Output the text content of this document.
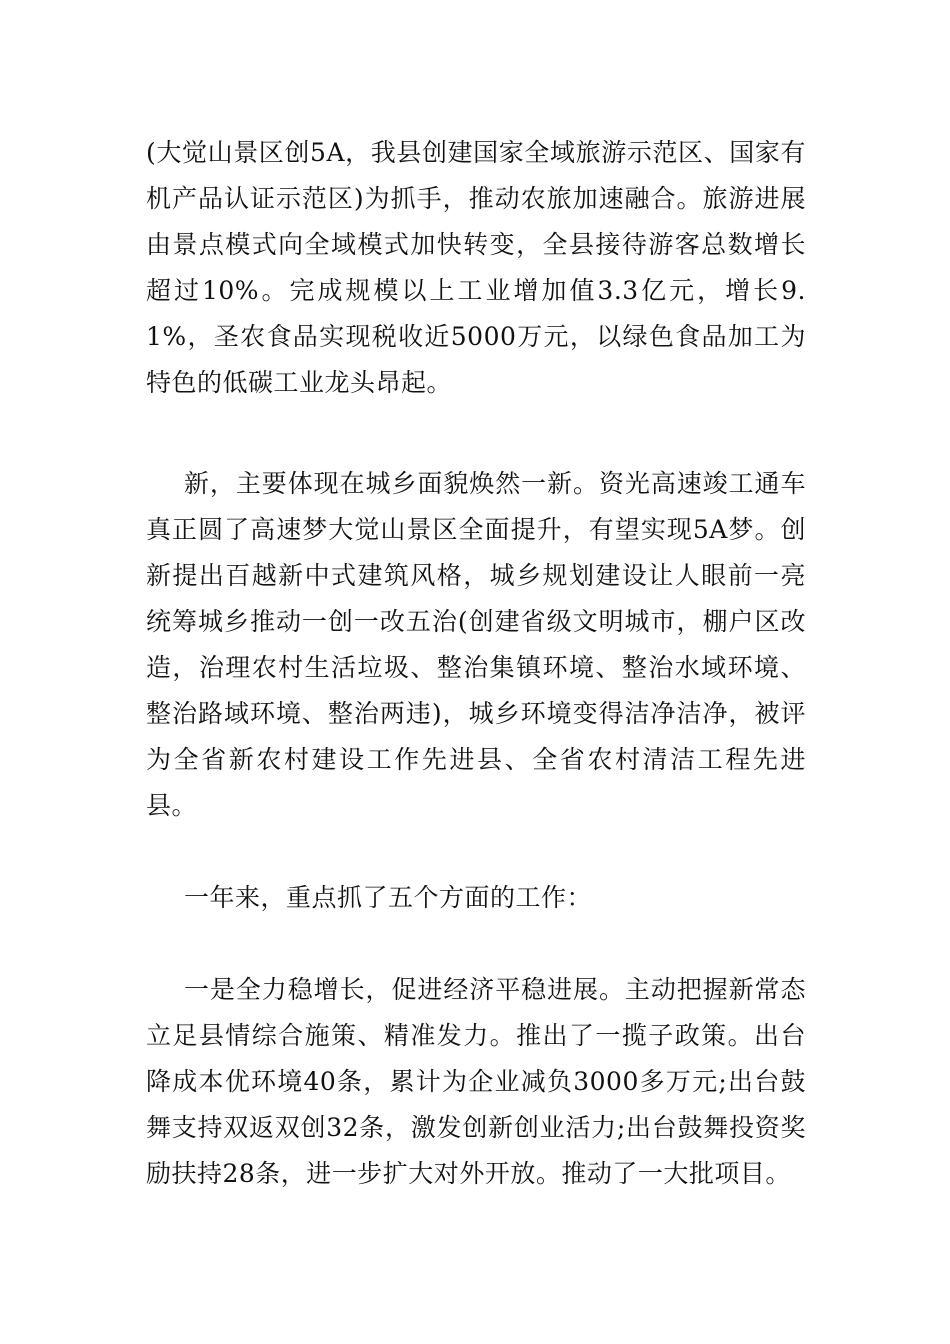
(大觉山景区创5A，我县创建国家全域旅游示范区、国家有机产品认证示范区)为抓手，推动农旅加速融合。旅游进展由景点模式向全域模式加快转变，全县接待游客总数增长超过10%。完成规模以上工业增加值3.3亿元，增长9.1%，圣农食品实现税收近5000万元，以绿色食品加工为特色的低碳工业龙头昂起。

新，主要体现在城乡面貌焕然一新。资光高速竣工通车真正圆了高速梦大觉山景区全面提升，有望实现5A梦。创新提出百越新中式建筑风格，城乡规划建设让人眼前一亮统筹城乡推动一创一改五治(创建省级文明城市，棚户区改造，治理农村生活垃圾、整治集镇环境、整治水域环境、整治路域环境、整治两违)，城乡环境变得洁净洁净，被评为全省新农村建设工作先进县、全省农村清洁工程先进县。

一年来，重点抓了五个方面的工作：

一是全力稳增长，促进经济平稳进展。主动把握新常态立足县情综合施策、精准发力。推出了一揽子政策。出台降成本优环境40条，累计为企业减负3000多万元;出台鼓舞支持双返双创32条，激发创新创业活力;出台鼓舞投资奖励扶持28条，进一步扩大对外开放。推动了一大批项目。
